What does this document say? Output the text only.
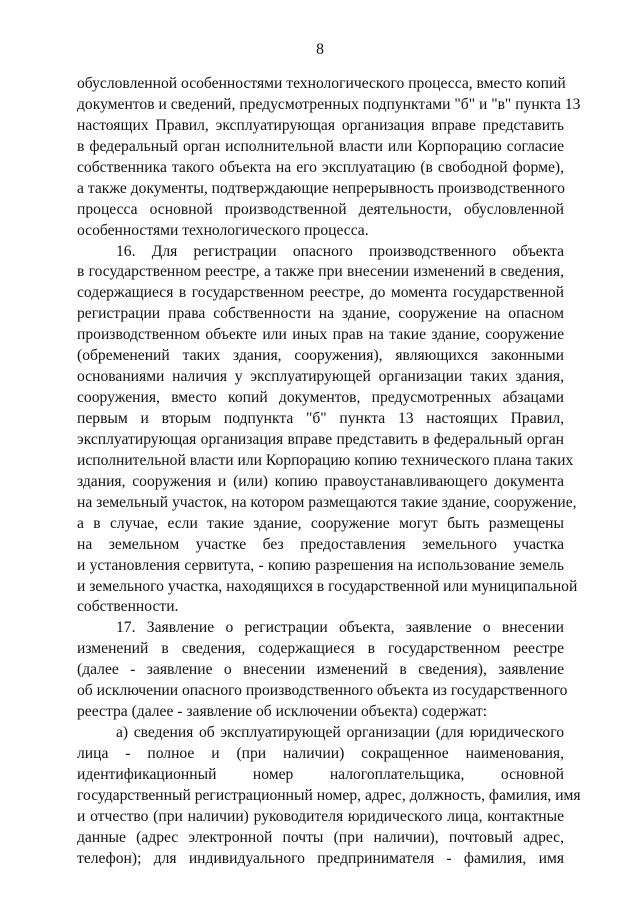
8
обусловленной особенностями технологического процесса, вместо копий
документов и сведений, предусмотренных подпунктами "б" и "в" пункта 13
настоящих Правил, эксплуатирующая организация вправе представить
в федеральный орган исполнительной власти или Корпорацию согласие
собственника такого объекта на его эксплуатацию (в свободной форме),
а также документы, подтверждающие непрерывность производственного
процесса основной производственной деятельности, обусловленной
особенностями технологического процесса.
16. Для регистрации опасного производственного объекта
в государственном реестре, а также при внесении изменений в сведения,
содержащиеся в государственном реестре, до момента государственной
регистрации права собственности на здание, сооружение на опасном
производственном объекте или иных прав на такие здание, сооружение
(обременений таких здания, сооружения), являющихся законными
основаниями наличия у эксплуатирующей организации таких здания,
сооружения, вместо копий документов, предусмотренных абзацами
первым и вторым подпункта "б" пункта 13 настоящих Правил,
эксплуатирующая организация вправе представить в федеральный орган
исполнительной власти или Корпорацию копию технического плана таких
здания, сооружения и (или) копию правоустанавливающего документа
на земельный участок, на котором размещаются такие здание, сооружение,
а в случае, если такие здание, сооружение могут быть размещены
на земельном участке без предоставления земельного участка
и установления сервитута, - копию разрешения на использование земель
и земельного участка, находящихся в государственной или муниципальной
собственности.
17. Заявление о регистрации объекта, заявление о внесении
изменений в сведения, содержащиеся в государственном реестре
(далее - заявление о внесении изменений в сведения), заявление
об исключении опасного производственного объекта из государственного
реестра (далее - заявление об исключении объекта) содержат:
а) сведения об эксплуатирующей организации (для юридического
лица - полное и (при наличии) сокращенное наименования,
идентификационный номер налогоплательщика, основной
государственный регистрационный номер, адрес, должность, фамилия, имя
и отчество (при наличии) руководителя юридического лица, контактные
данные (адрес электронной почты (при наличии), почтовый адрес,
телефон); для индивидуального предпринимателя - фамилия, имя
